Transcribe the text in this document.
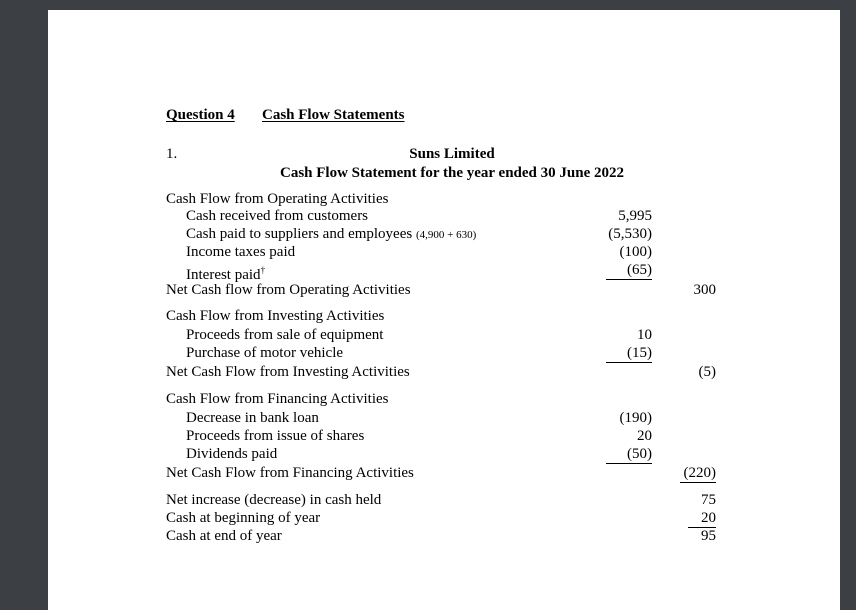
Question 4 Cash Flow Statements
1.	Suns Limited
Cash Flow Statement for the year ended 30 June 2022
Cash Flow from Operating Activities
Cash received from customers	5,995
Cash paid to suppliers and employees (4,900 + 630)	(5,530)
Income taxes paid	(100)
Interest paid†	(65)
Net Cash flow from Operating Activities	300
Cash Flow from Investing Activities
Proceeds from sale of equipment	10
Purchase of motor vehicle	(15)
Net Cash Flow from Investing Activities	(5)
Cash Flow from Financing Activities
Decrease in bank loan	(190)
Proceeds from issue of shares	20
Dividends paid	(50)
Net Cash Flow from Financing Activities	(220)
Net increase (decrease) in cash held	75
Cash at beginning of year	20
Cash at end of year	95
